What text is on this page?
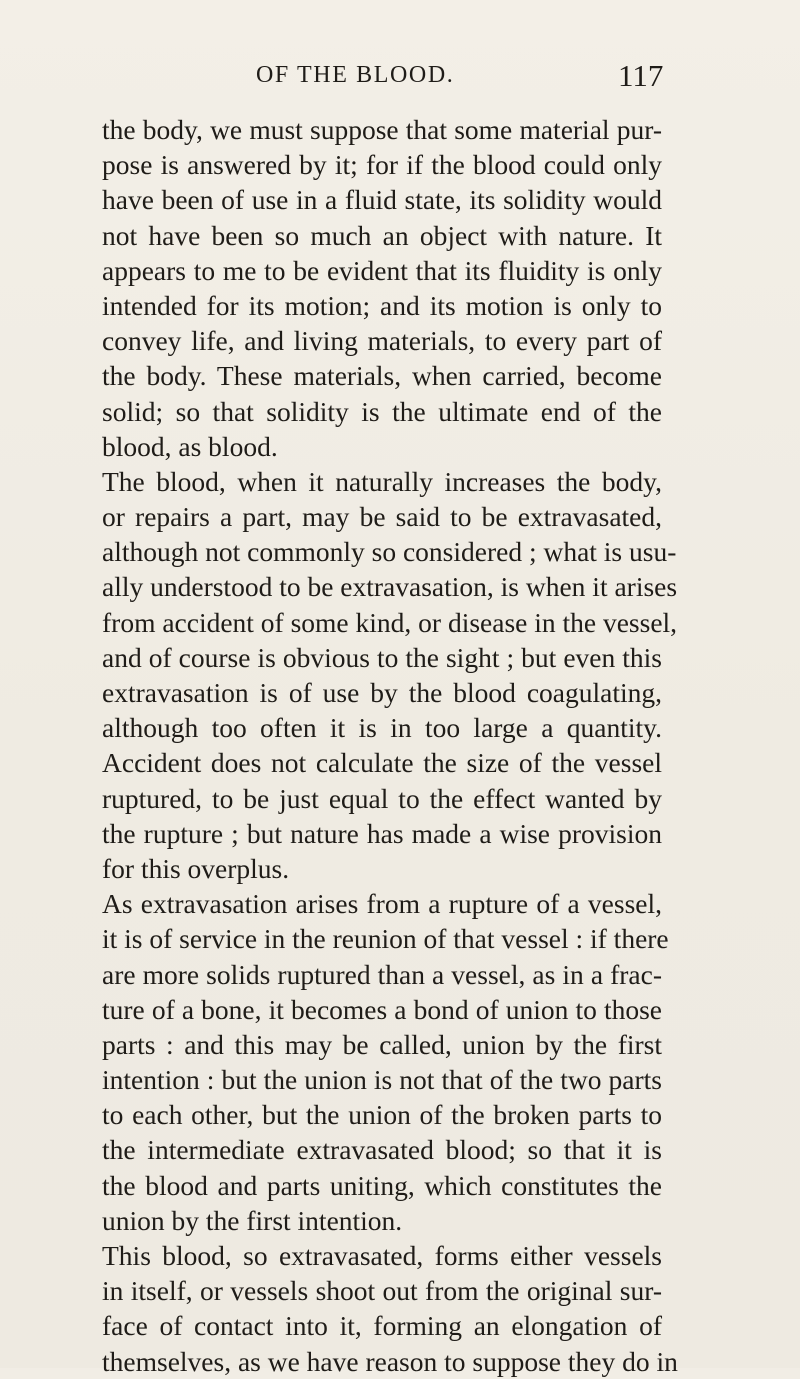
OF THE BLOOD.	117
the body, we must suppose that some material pur-
pose is answered by it; for if the blood could only
have been of use in a fluid state, its solidity would
not have been so much an object with nature. It
appears to me to be evident that its fluidity is only
intended for its motion; and its motion is only to
convey life, and living materials, to every part of
the body. These materials, when carried, become
solid; so that solidity is the ultimate end of the
blood, as blood.
The blood, when it naturally increases the body,
or repairs a part, may be said to be extravasated,
although not commonly so considered ; what is usu-
ally understood to be extravasation, is when it arises
from accident of some kind, or disease in the vessel,
and of course is obvious to the sight ; but even this
extravasation is of use by the blood coagulating,
although too often it is in too large a quantity.
Accident does not calculate the size of the vessel
ruptured, to be just equal to the effect wanted by
the rupture ; but nature has made a wise provision
for this overplus.
As extravasation arises from a rupture of a vessel,
it is of service in the reunion of that vessel : if there
are more solids ruptured than a vessel, as in a frac-
ture of a bone, it becomes a bond of union to those
parts : and this may be called, union by the first
intention : but the union is not that of the two parts
to each other, but the union of the broken parts to
the intermediate extravasated blood; so that it is
the blood and parts uniting, which constitutes the
union by the first intention.
This blood, so extravasated, forms either vessels
in itself, or vessels shoot out from the original sur-
face of contact into it, forming an elongation of
themselves, as we have reason to suppose they do in
